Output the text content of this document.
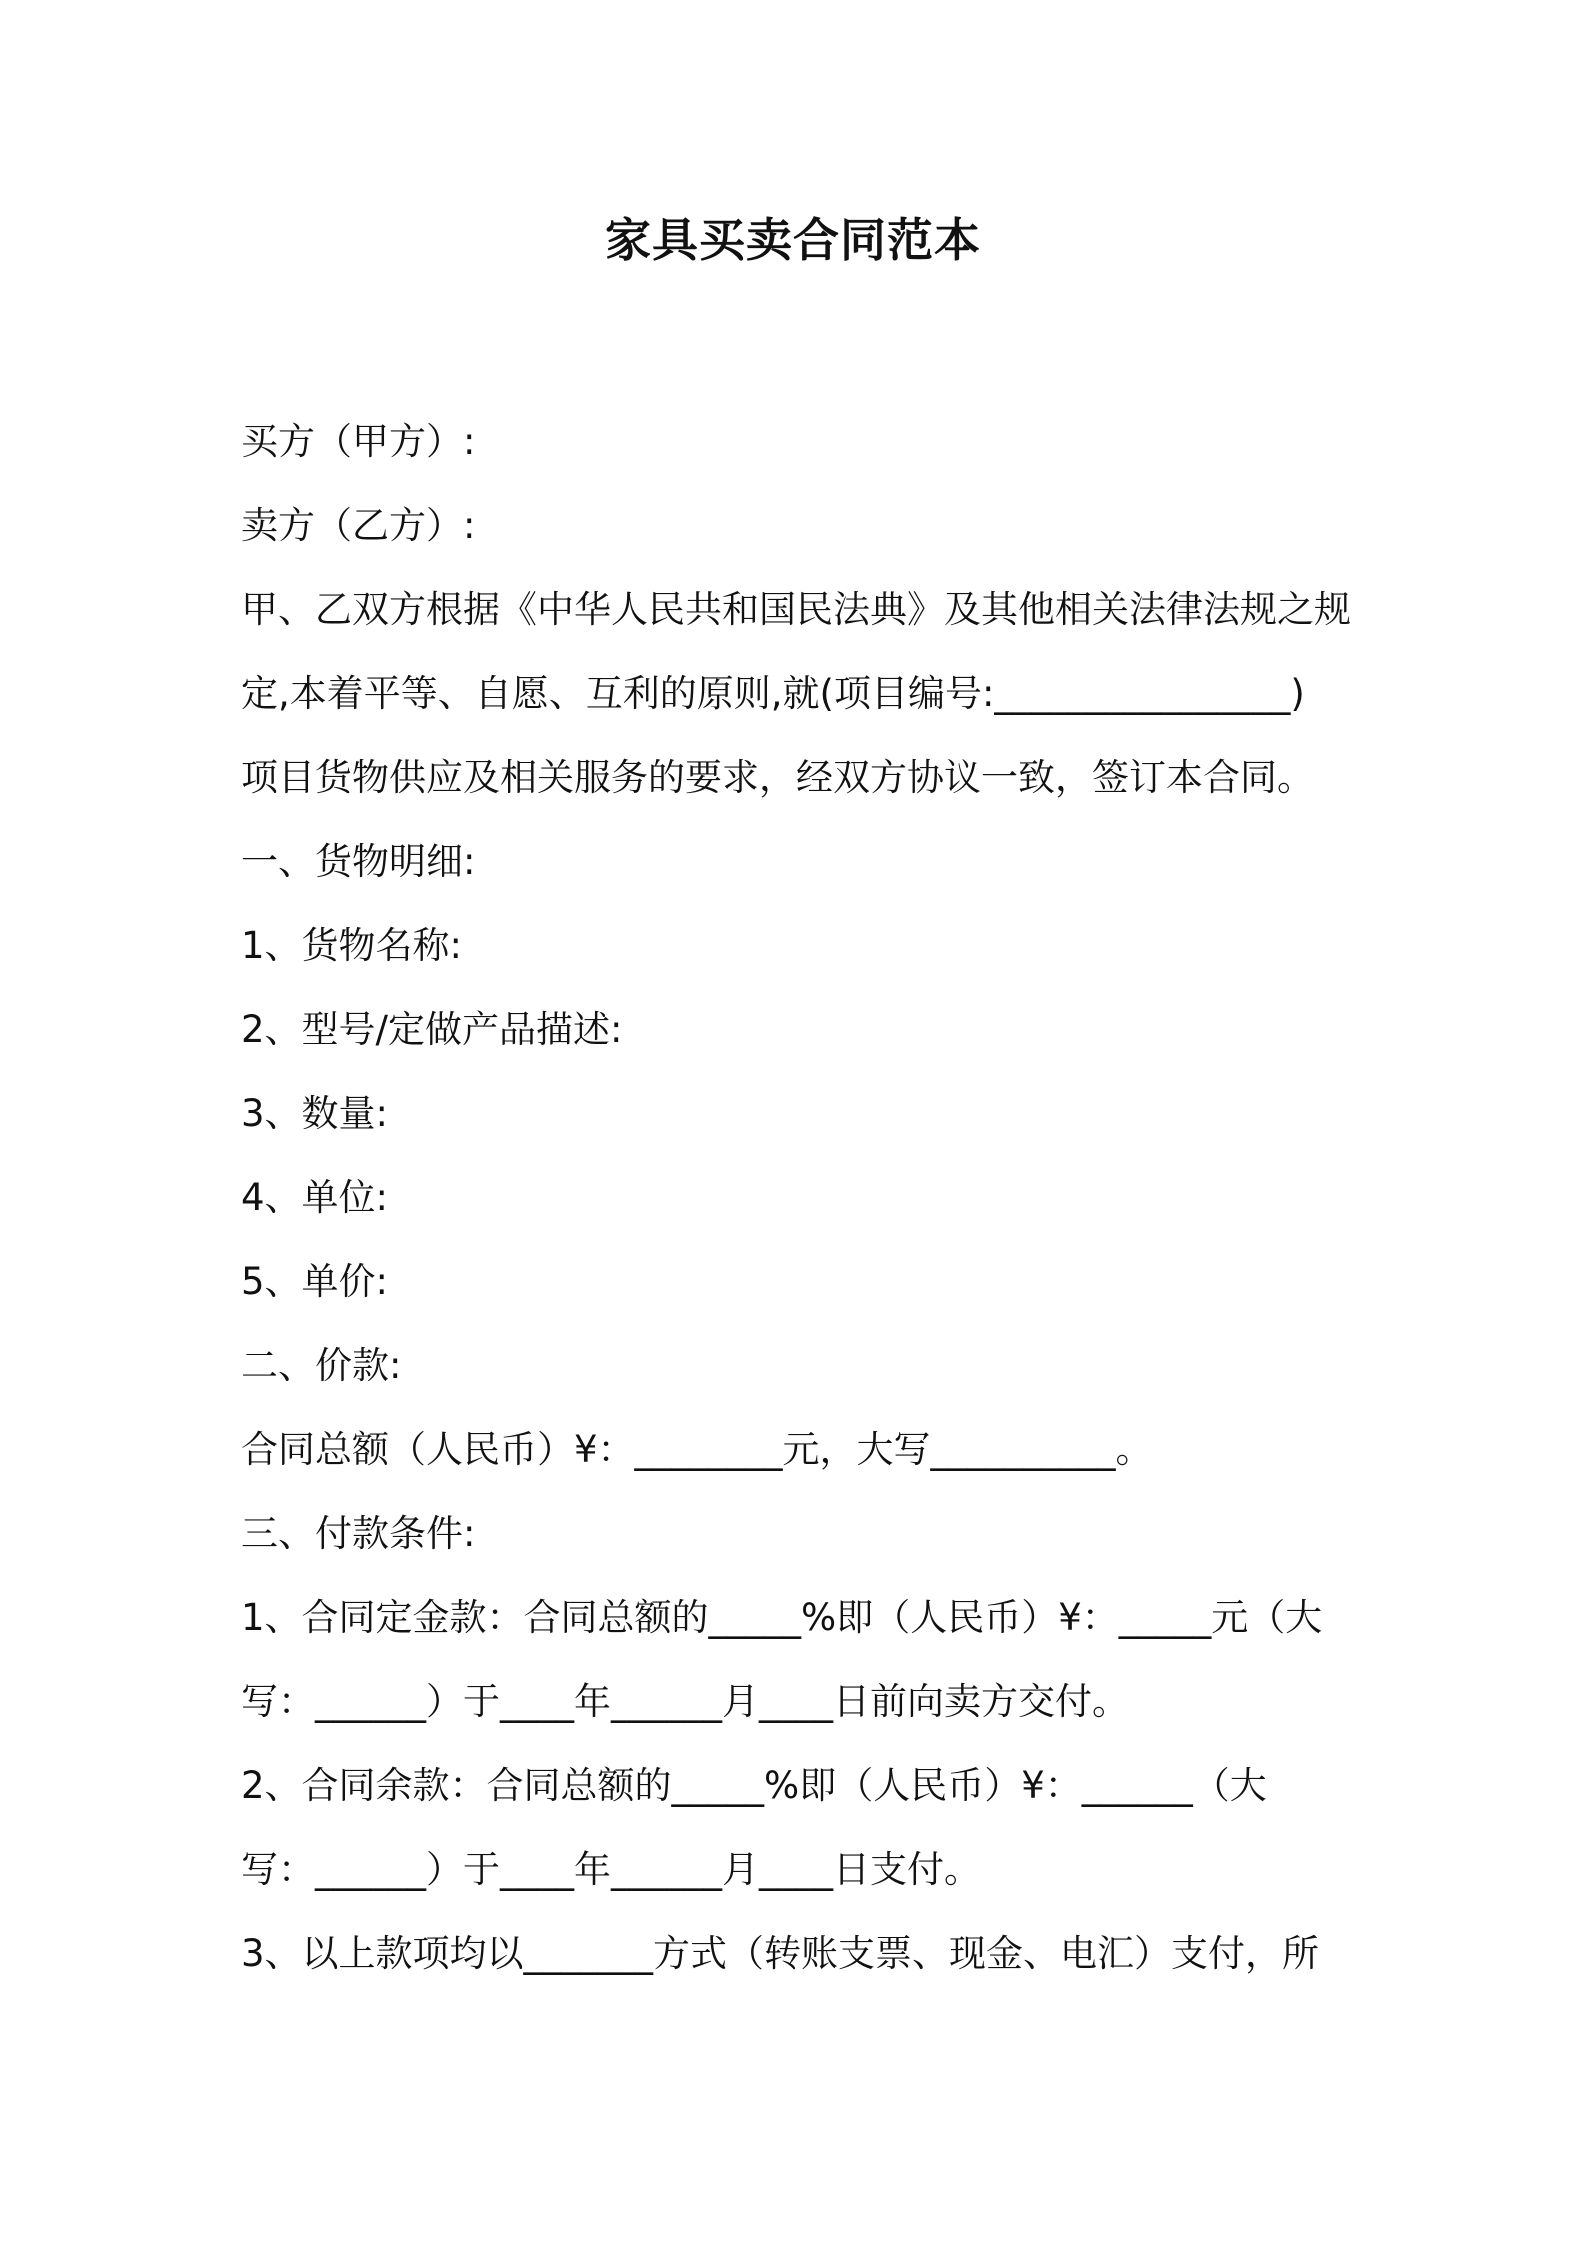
家具买卖合同范本
买方（甲方）:
卖方（乙方）:
甲、乙双方根据《中华人民共和国民法典》及其他相关法律法规之规
定,本着平等、自愿、互利的原则,就(项目编号:________________)
项目货物供应及相关服务的要求，经双方协议一致，签订本合同。
一、货物明细:
1、货物名称:
2、型号/定做产品描述:
3、数量:
4、单位:
5、单价:
二、价款:
合同总额（人民币）¥：________元，大写__________。
三、付款条件:
1、合同定金款：合同总额的_____%即（人民币）¥：_____元（大
写：______）于____年______月____日前向卖方交付。
2、合同余款：合同总额的_____%即（人民币）¥：______（大
写：______）于____年______月____日支付。
3、以上款项均以_______方式（转账支票、现金、电汇）支付，所
